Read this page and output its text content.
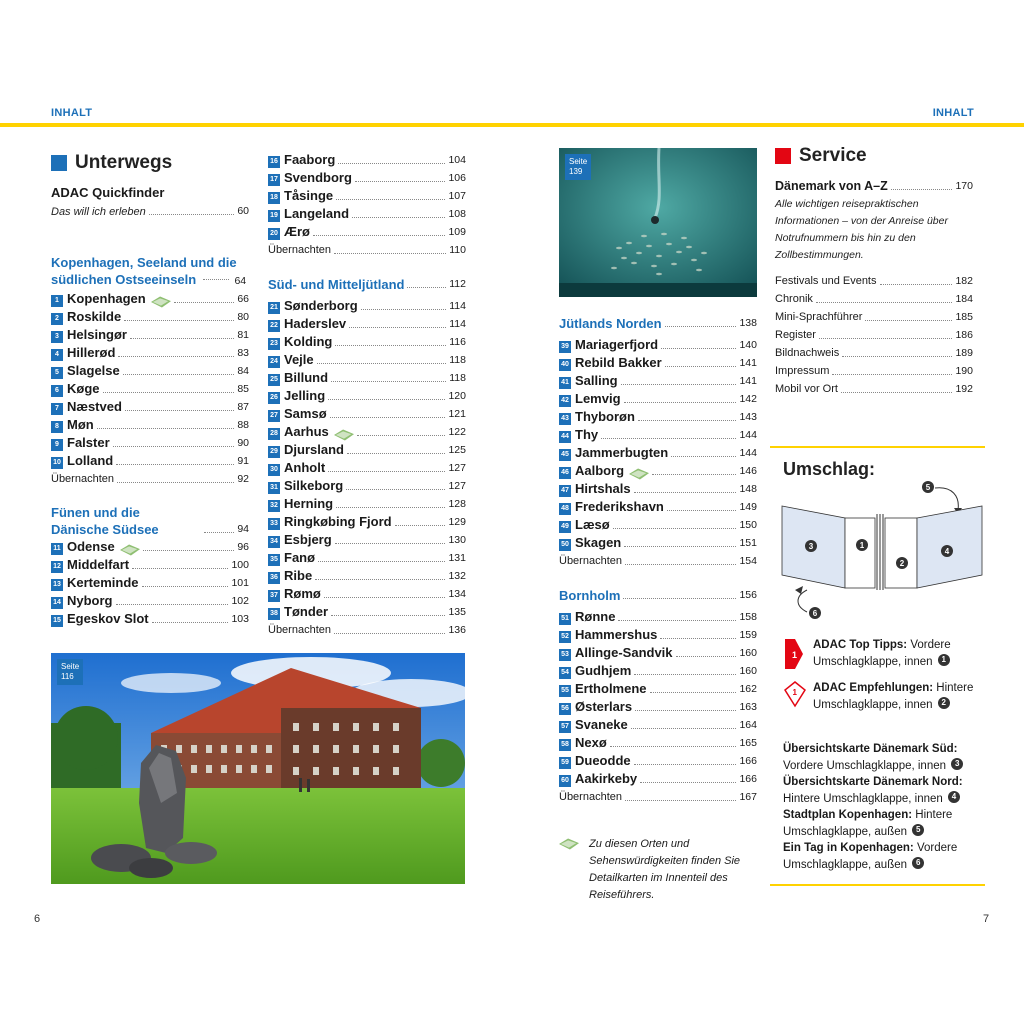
INHALT	INHALT
Unterwegs
ADAC Quickfinder
Das will ich erleben	60
Kopenhagen, Seeland und die südlichen Ostseeinseln	64
1 Kopenhagen	66
2 Roskilde	80
3 Helsingør	81
4 Hillerød	83
5 Slagelse	84
6 Køge	85
7 Næstved	87
8 Møn	88
9 Falster	90
10 Lolland	91
Übernachten	92
Fünen und die Dänische Südsee	94
11 Odense	96
12 Middelfart	100
13 Kerteminde	101
14 Nyborg	102
15 Egeskov Slot	103
16 Faaborg	104
17 Svendborg	106
18 Tåsinge	107
19 Langeland	108
20 Ærø	109
Übernachten	110
Süd- und Mitteljütland	112
21 Sønderborg	114
22 Haderslev	114
23 Kolding	116
24 Vejle	118
25 Billund	118
26 Jelling	120
27 Samsø	121
28 Aarhus	122
29 Djursland	125
30 Anholt	127
31 Silkeborg	127
32 Herning	128
33 Ringkøbing Fjord	129
34 Esbjerg	130
35 Fanø	131
36 Ribe	132
37 Rømø	134
38 Tønder	135
Übernachten	136
Seite
116
Seite
139
Jütlands Norden	138
39 Mariagerfjord	140
40 Rebild Bakker	141
41 Salling	141
42 Lemvig	142
43 Thyborøn	143
44 Thy	144
45 Jammerbugten	144
46 Aalborg	146
47 Hirtshals	148
48 Frederikshavn	149
49 Læsø	150
50 Skagen	151
Übernachten	154
Bornholm	156
51 Rønne	158
52 Hammershus	159
53 Allinge-Sandvik	160
54 Gudhjem	160
55 Ertholmene	162
56 Østerlars	163
57 Svaneke	164
58 Nexø	165
59 Dueodde	166
60 Aakirkeby	166
Übernachten	167
Zu diesen Orten und Sehenswürdigkeiten finden Sie Detailkarten im Innenteil des Reiseführers.
Service
Dänemark von A–Z	170
Alle wichtigen reisepraktischen Informationen – von der Anreise über Notrufnummern bis hin zu den Zollbestimmungen.
Festivals und Events	182
Chronik	184
Mini-Sprachführer	185
Register	186
Bildnachweis	189
Impressum	190
Mobil vor Ort	192
Umschlag:
5
1
2
3
4
6
1
ADAC Top Tipps: Vordere Umschlagklappe, innen 1
1 ADAC Empfehlungen: Hintere Umschlagklappe, innen 2
Übersichtskarte Dänemark Süd:
Vordere Umschlagklappe, innen 3
Übersichtskarte Dänemark Nord:
Hintere Umschlagklappe, innen 4
Stadtplan Kopenhagen: Hintere Umschlagklappe, außen 5
Ein Tag in Kopenhagen: Vordere Umschlagklappe, außen 6
6	7
